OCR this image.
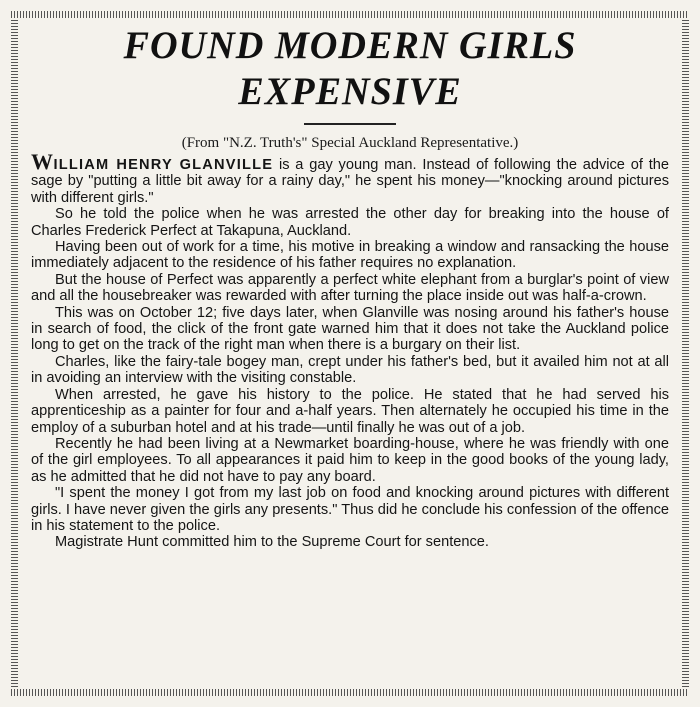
FOUND MODERN GIRLS EXPENSIVE
(From "N.Z. Truth's" Special Auckland Representative.)

WILLIAM HENRY GLANVILLE is a gay young man. Instead of following the advice of the sage by "putting a little bit away for a rainy day," he spent his money—"knocking around pictures with different girls."

So he told the police when he was arrested the other day for breaking into the house of Charles Frederick Perfect at Takapuna, Auckland.

Having been out of work for a time, his motive in breaking a window and ransacking the house immediately adjacent to the residence of his father requires no explanation.

But the house of Perfect was apparently a perfect white elephant from a burglar's point of view and all the housebreaker was rewarded with after turning the place inside out was half-a-crown.

This was on October 12; five days later, when Glanville was nosing around his father's house in search of food, the click of the front gate warned him that it does not take the Auckland police long to get on the track of the right man when there is a burgary on their list.

Charles, like the fairy-tale bogey man, crept under his father's bed, but it availed him not at all in avoiding an interview with the visiting constable.

When arrested, he gave his history to the police. He stated that he had served his apprenticeship as a painter for four and a-half years. Then alternately he occupied his time in the employ of a suburban hotel and at his trade—until finally he was out of a job.

Recently he had been living at a Newmarket boarding-house, where he was friendly with one of the girl employees. To all appearances it paid him to keep in the good books of the young lady, as he admitted that he did not have to pay any board.

"I spent the money I got from my last job on food and knocking around pictures with different girls. I have never given the girls any presents." Thus did he conclude his confession of the offence in his statement to the police.

Magistrate Hunt committed him to the Supreme Court for sentence.
